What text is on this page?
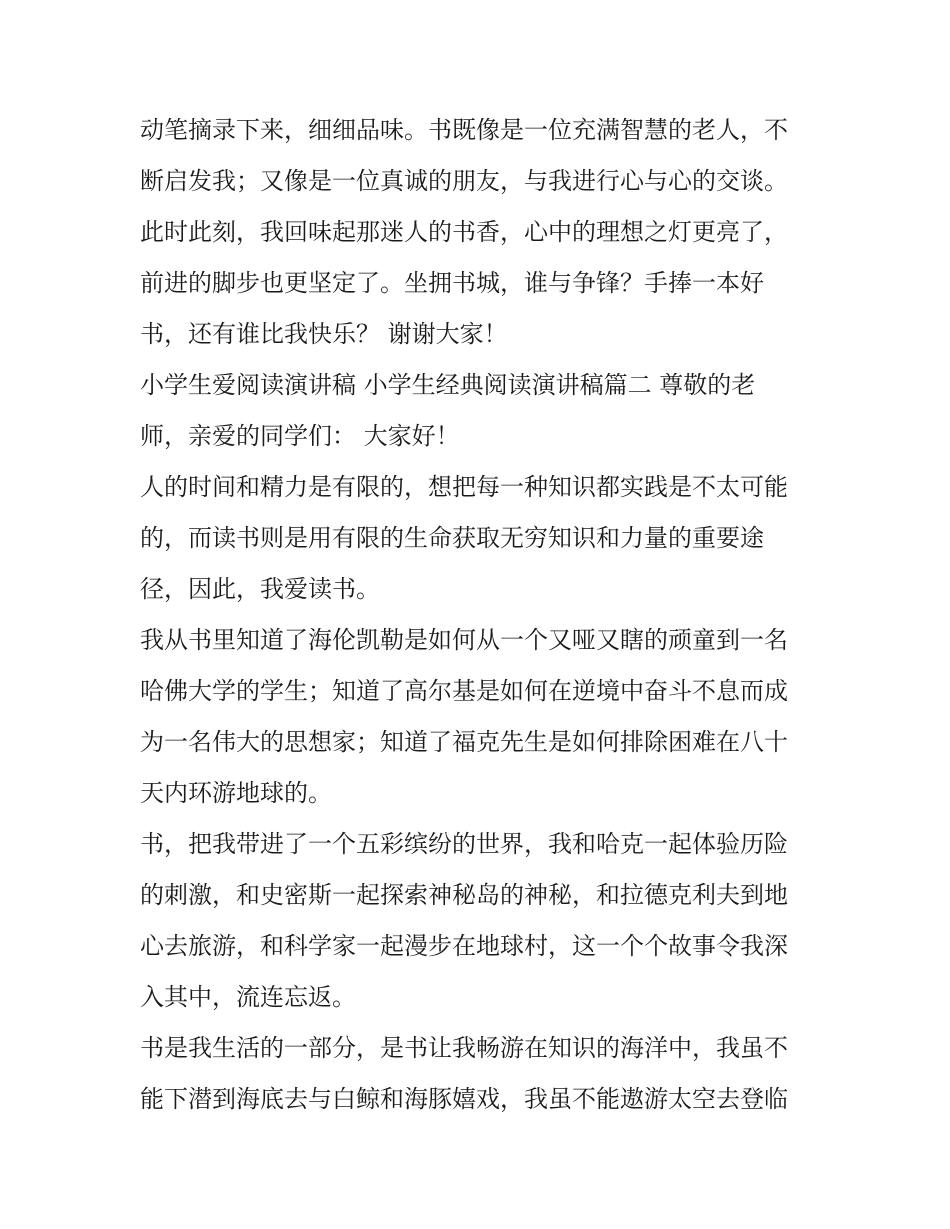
动笔摘录下来，细细品味。书既像是一位充满智慧的老人，不
断启发我；又像是一位真诚的朋友，与我进行心与心的交谈。
此时此刻，我回味起那迷人的书香，心中的理想之灯更亮了，
前进的脚步也更坚定了。坐拥书城，谁与争锋？手捧一本好
书，还有谁比我快乐？ 谢谢大家！
小学生爱阅读演讲稿 小学生经典阅读演讲稿篇二 尊敬的老
师，亲爱的同学们： 大家好！
人的时间和精力是有限的，想把每一种知识都实践是不太可能
的，而读书则是用有限的生命获取无穷知识和力量的重要途
径，因此，我爱读书。
我从书里知道了海伦凯勒是如何从一个又哑又瞎的顽童到一名
哈佛大学的学生；知道了高尔基是如何在逆境中奋斗不息而成
为一名伟大的思想家；知道了福克先生是如何排除困难在八十
天内环游地球的。
书，把我带进了一个五彩缤纷的世界，我和哈克一起体验历险
的刺激，和史密斯一起探索神秘岛的神秘，和拉德克利夫到地
心去旅游，和科学家一起漫步在地球村，这一个个故事令我深
入其中，流连忘返。
书是我生活的一部分，是书让我畅游在知识的海洋中，我虽不
能下潜到海底去与白鲸和海豚嬉戏，我虽不能遨游太空去登临
